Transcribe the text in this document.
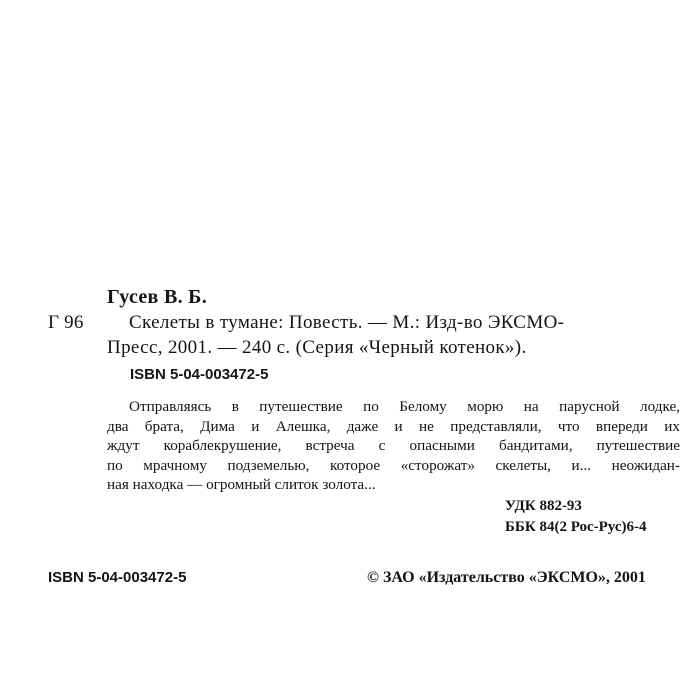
Гусев В. Б.
Г 96 Скелеты в тумане: Повесть. — М.: Изд-во ЭКСМО-
Пресс, 2001. — 240 с. (Серия «Черный котенок»).
ISBN 5-04-003472-5
Отправляясь в путешествие по Белому морю на парусной лодке,
два брата, Дима и Алешка, даже и не представляли, что впереди их
ждут кораблекрушение, встреча с опасными бандитами, путешествие
по мрачному подземелью, которое «сторожат» скелеты, и... неожидан-
ная находка — огромный слиток золота...
УДК 882-93
ББК 84(2 Рос-Рус)6-4
ISBN 5-04-003472-5	© ЗАО «Издательство «ЭКСМО», 2001
